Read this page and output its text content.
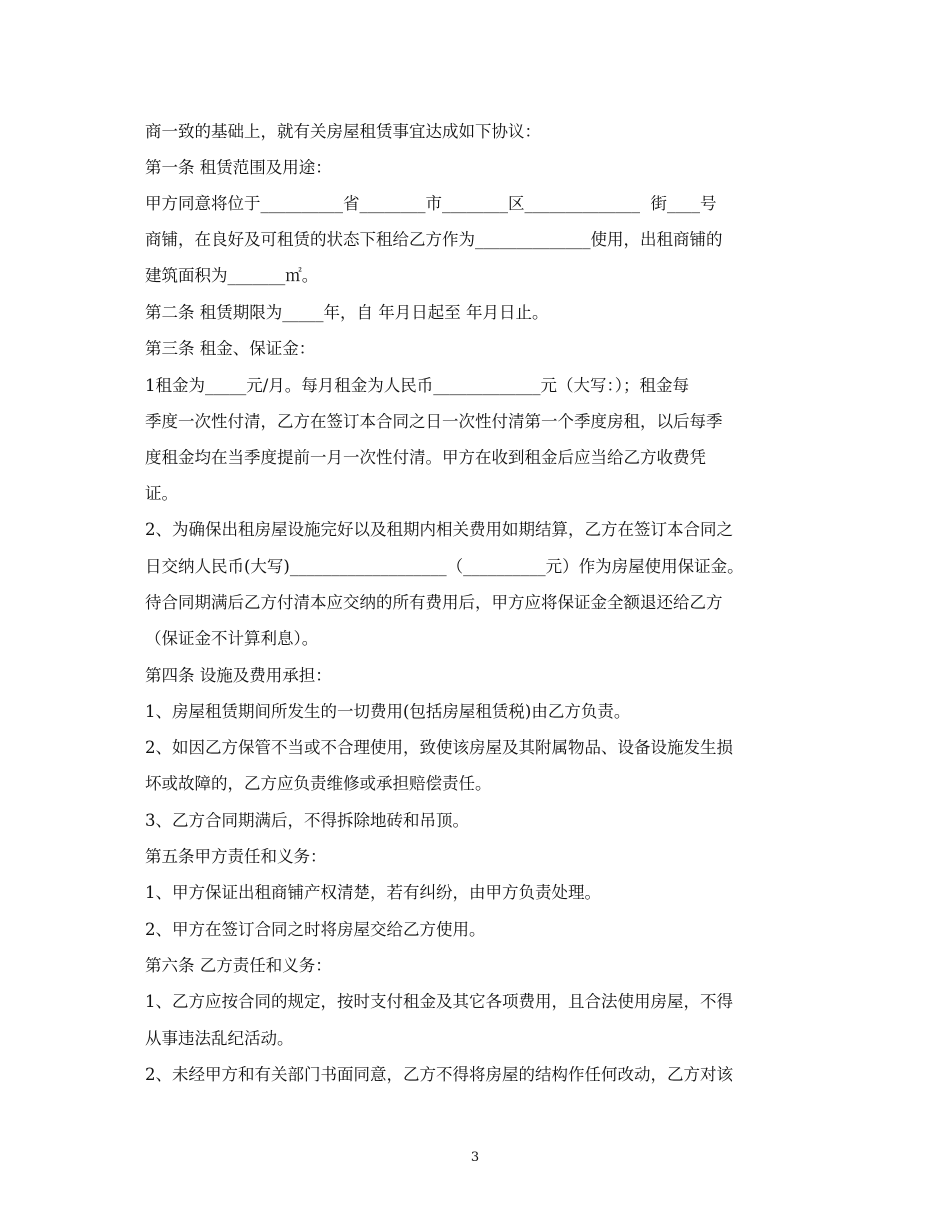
商一致的基础上，就有关房屋租赁事宜达成如下协议：
第一条 租赁范围及用途：
甲方同意将位于__________省________市________区______________  街____号
商铺，在良好及可租赁的状态下租给乙方作为______________使用，出租商铺的
建筑面积为_______㎡。
第二条 租赁期限为_____年，自 年月日起至 年月日止。
第三条 租金、保证金：
1租金为_____元/月。每月租金为人民币_____________元（大写：）；租金每
季度一次性付清，乙方在签订本合同之日一次性付清第一个季度房租，以后每季
度租金均在当季度提前一月一次性付清。甲方在收到租金后应当给乙方收费凭
证。
2、为确保出租房屋设施完好以及租期内相关费用如期结算，乙方在签订本合同之
日交纳人民币(大写)___________________（__________元）作为房屋使用保证金。
待合同期满后乙方付清本应交纳的所有费用后，甲方应将保证金全额退还给乙方
（保证金不计算利息）。
第四条 设施及费用承担：
1、房屋租赁期间所发生的一切费用(包括房屋租赁税)由乙方负责。
2、如因乙方保管不当或不合理使用，致使该房屋及其附属物品、设备设施发生损
坏或故障的，乙方应负责维修或承担赔偿责任。
3、乙方合同期满后，不得拆除地砖和吊顶。
第五条甲方责任和义务：
1、甲方保证出租商铺产权清楚，若有纠纷，由甲方负责处理。
2、甲方在签订合同之时将房屋交给乙方使用。
第六条 乙方责任和义务：
1、乙方应按合同的规定，按时支付租金及其它各项费用，且合法使用房屋，不得
从事违法乱纪活动。
2、未经甲方和有关部门书面同意，乙方不得将房屋的结构作任何改动，乙方对该
3
